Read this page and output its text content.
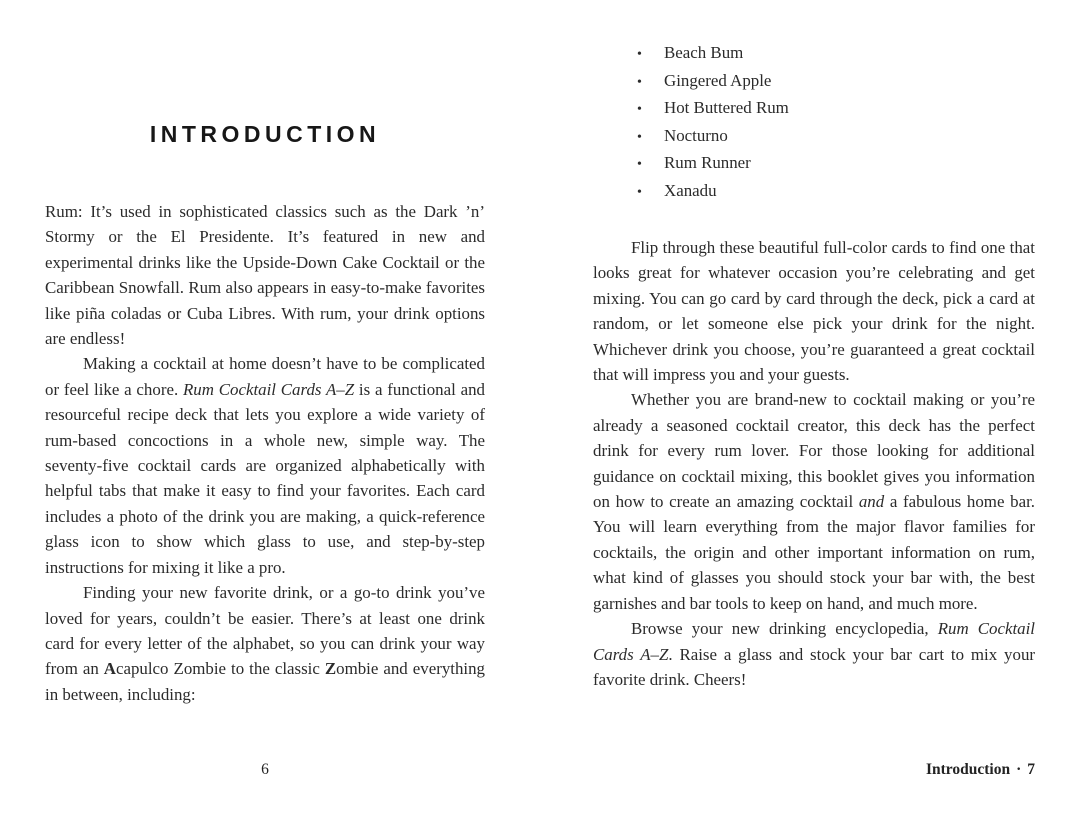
INTRODUCTION

Rum: It’s used in sophisticated classics such as the Dark ’n’ Stormy or the El Presidente. It’s featured in new and experimental drinks like the Upside-Down Cake Cocktail or the Caribbean Snowfall. Rum also appears in easy-to-make favorites like piña coladas or Cuba Libres. With rum, your drink options are endless!

Making a cocktail at home doesn’t have to be complicated or feel like a chore. Rum Cocktail Cards A–Z is a functional and resourceful recipe deck that lets you explore a wide variety of rum-based concoctions in a whole new, simple way. The seventy-five cocktail cards are organized alphabetically with helpful tabs that make it easy to find your favorites. Each card includes a photo of the drink you are making, a quick-reference glass icon to show which glass to use, and step-by-step instructions for mixing it like a pro.

Finding your new favorite drink, or a go-to drink you’ve loved for years, couldn’t be easier. There’s at least one drink card for every letter of the alphabet, so you can drink your way from an Acapulco Zombie to the classic Zombie and everything in between, including:

• Beach Bum
• Gingered Apple
• Hot Buttered Rum
• Nocturno
• Rum Runner
• Xanadu

Flip through these beautiful full-color cards to find one that looks great for whatever occasion you’re celebrating and get mixing. You can go card by card through the deck, pick a card at random, or let someone else pick your drink for the night. Whichever drink you choose, you’re guaranteed a great cocktail that will impress you and your guests.

Whether you are brand-new to cocktail making or you’re already a seasoned cocktail creator, this deck has the perfect drink for every rum lover. For those looking for additional guidance on cocktail mixing, this booklet gives you information on how to create an amazing cocktail and a fabulous home bar. You will learn everything from the major flavor families for cocktails, the origin and other important information on rum, what kind of glasses you should stock your bar with, the best garnishes and bar tools to keep on hand, and much more.

Browse your new drinking encyclopedia, Rum Cocktail Cards A–Z. Raise a glass and stock your bar cart to mix your favorite drink. Cheers!

6	Introduction · 7
